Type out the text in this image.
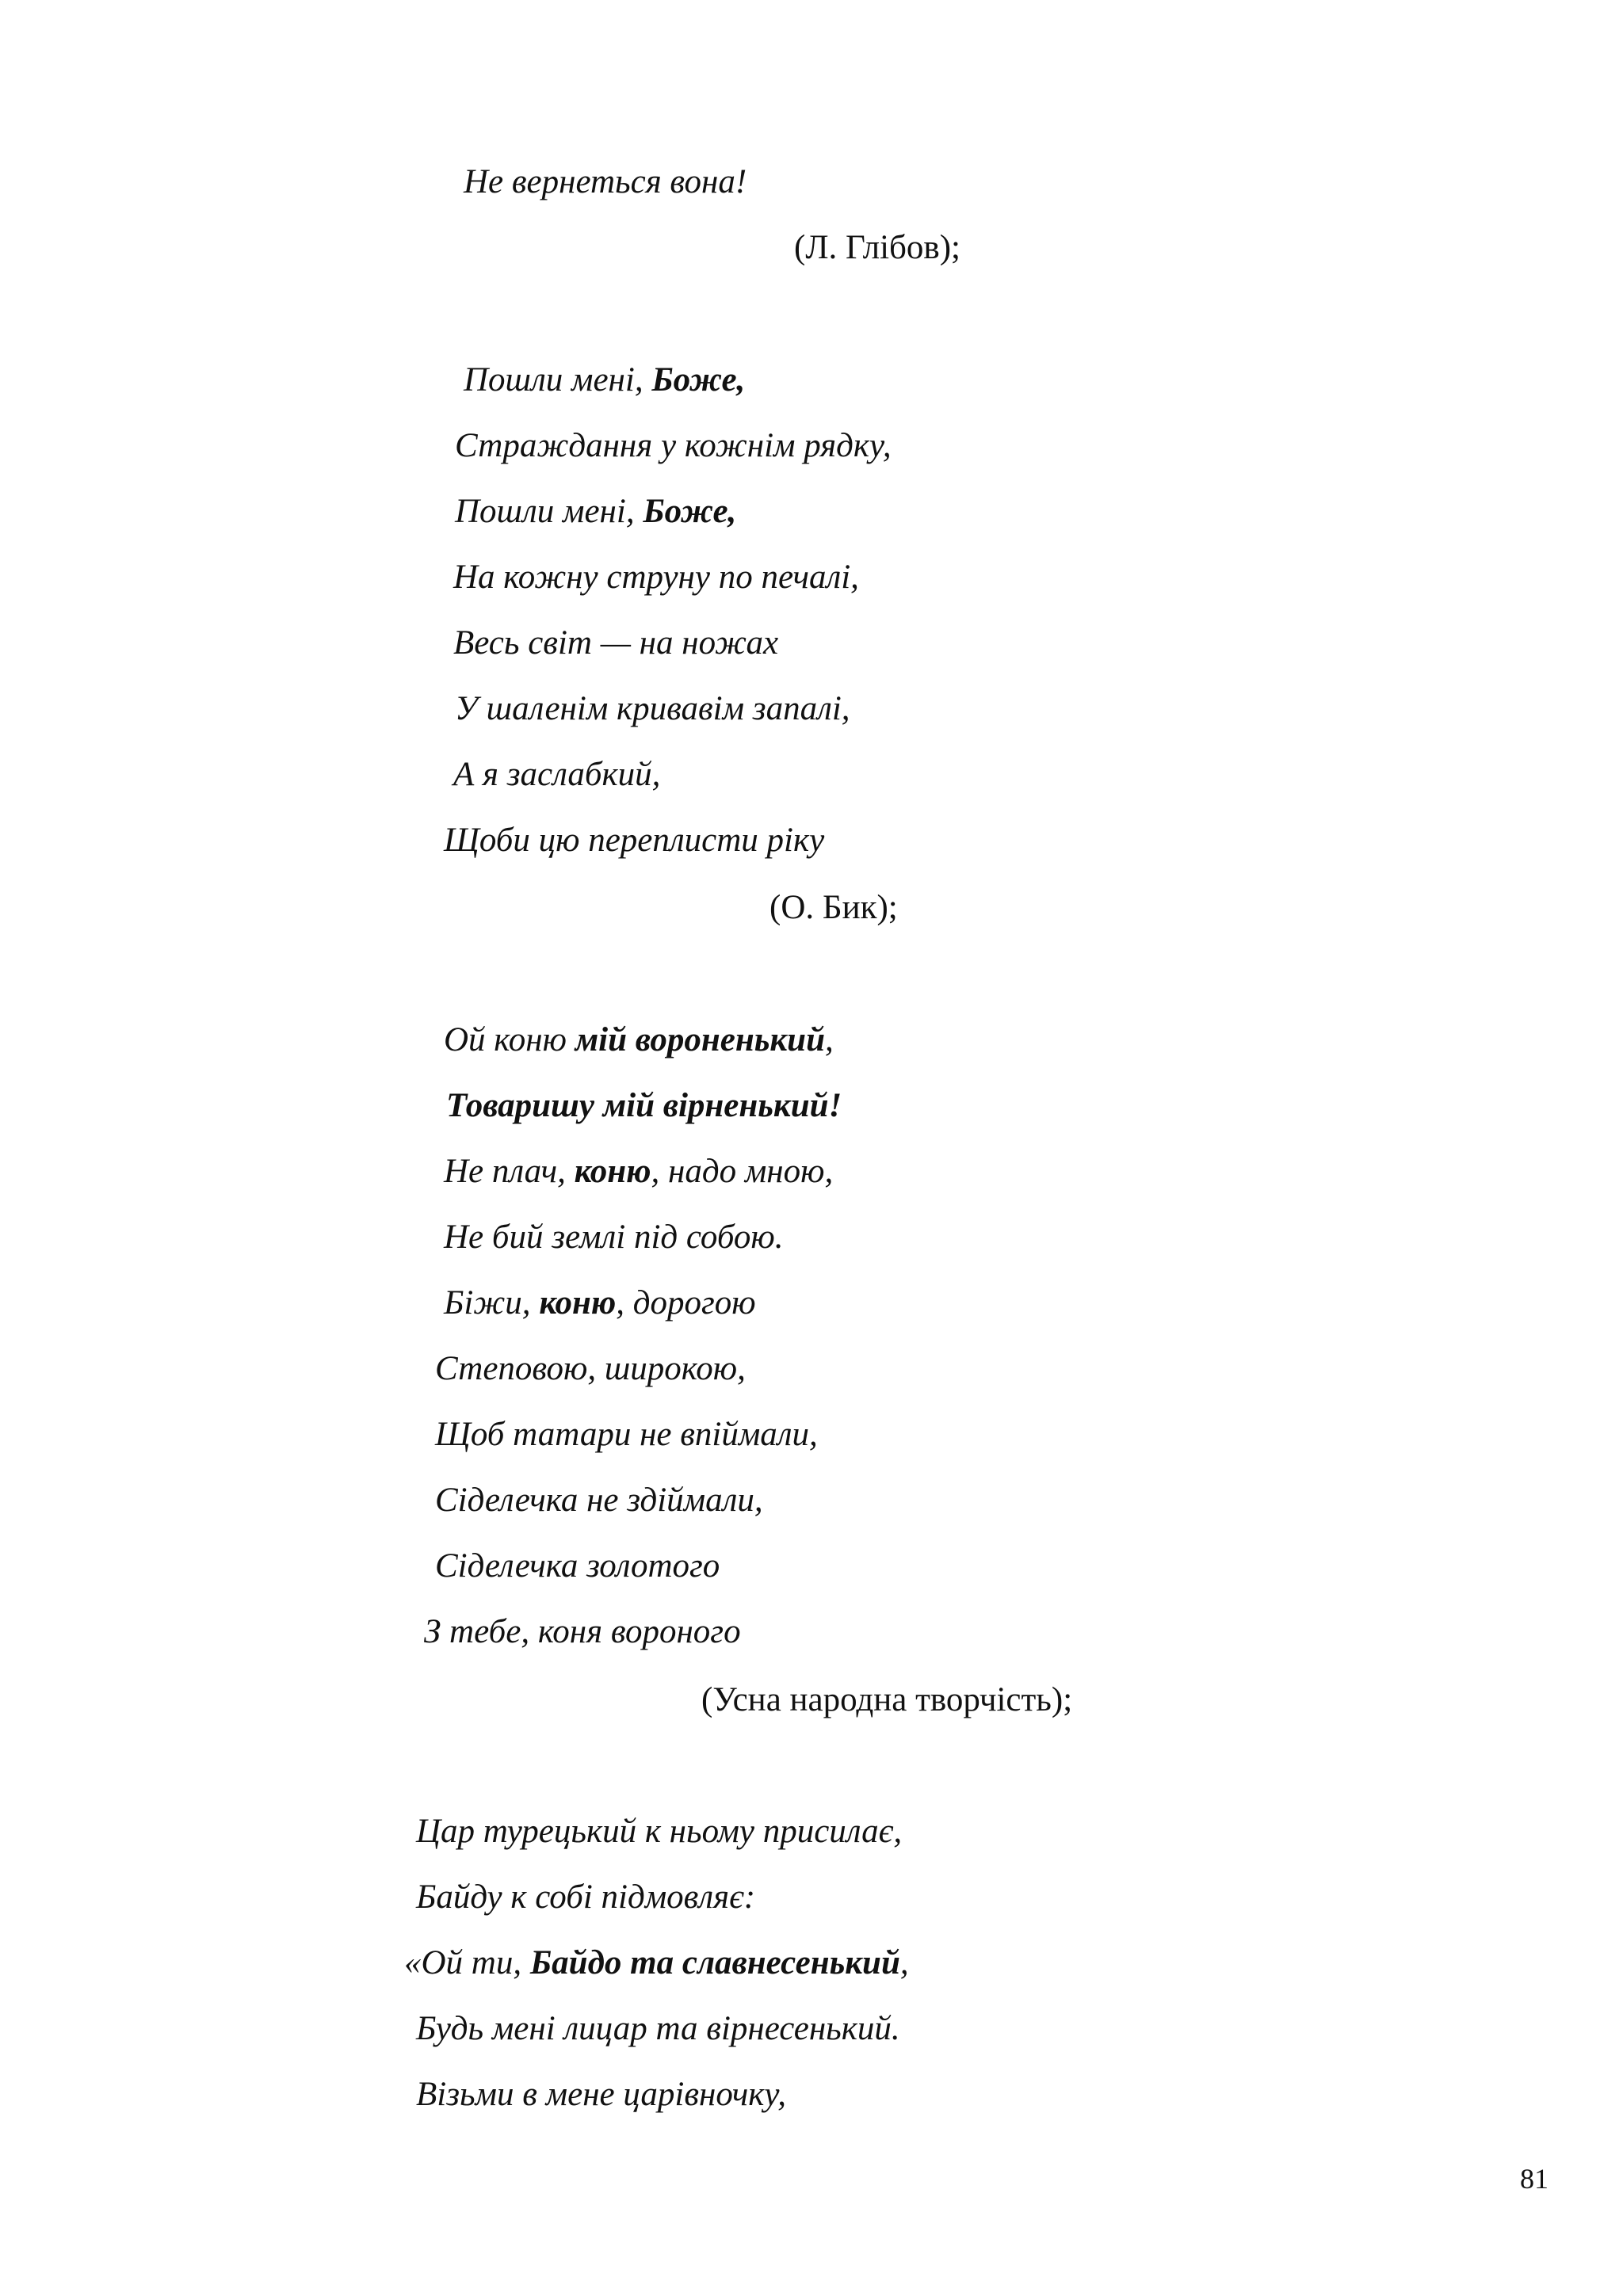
Не вернеться вона!
(Л. Глібов);
Пошли мені, Боже,
Страждання у кожнім рядку,
Пошли мені, Боже,
На кожну струну по печалі,
Весь світ — на ножах
У шаленім кривавім запалі,
А я заслабкий,
Щоби цю переплисти ріку
(О. Бик);
Ой коню мій вороненький,
Товаришу мій вірненький!
Не плач, коню, надо мною,
Не бий землі під собою.
Біжи, коню, дорогою
Степовою, широкою,
Щоб татари не впіймали,
Сіделечка не здіймали,
Сіделечка золотого
З тебе, коня вороного
(Усна народна творчість);
Цар турецький к ньому присилає,
Байду к собі підмовляє:
«Ой ти, Байдо та славнесенький,
Будь мені лицар та вірнесенький.
Візьми в мене царівночку,
81
